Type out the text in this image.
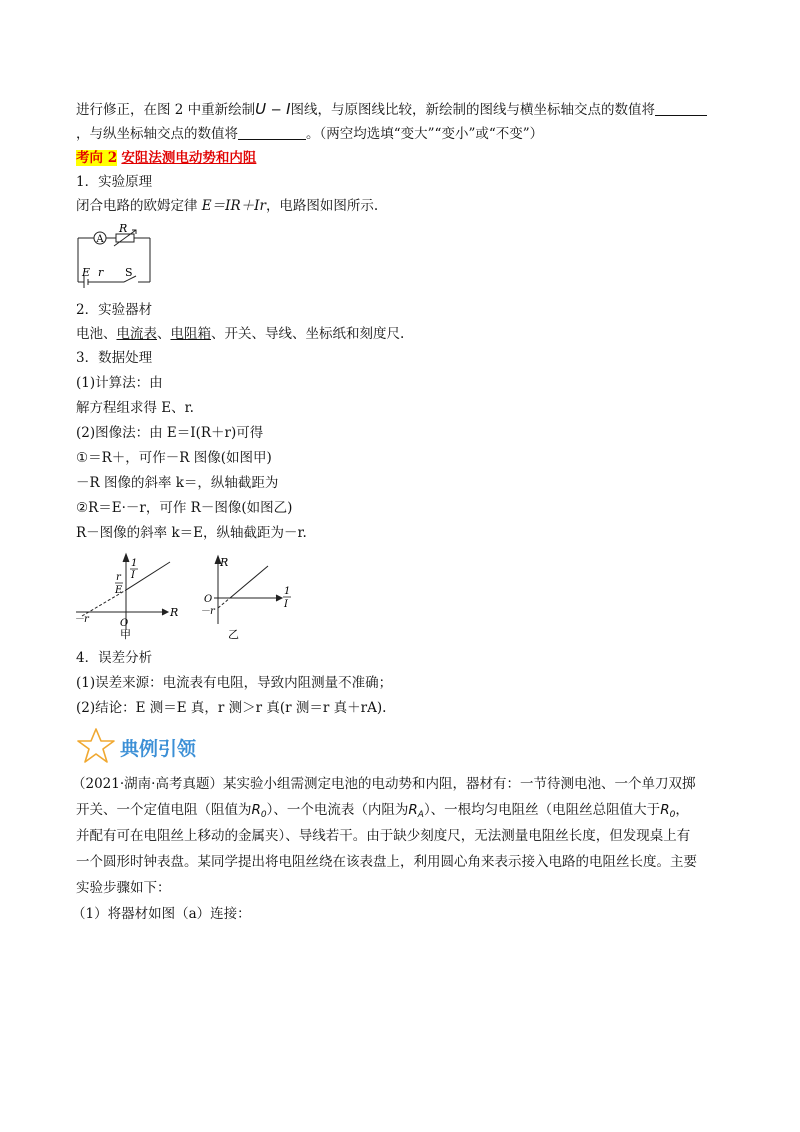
进行修正，在图 2 中重新绘制U − I图线，与原图线比较，新绘制的图线与横坐标轴交点的数值将
，与纵坐标轴交点的数值将	。（两空均选填“变大”“变小”或“不变”）
考向 2 安阻法测电动势和内阻
1．实验原理
闭合电路的欧姆定律 E＝IR＋Ir，电路图如图所示.
A
R
E r S
2．实验器材
电池、电流表、电阻箱、开关、导线、坐标纸和刻度尺.
3．数据处理
(1)计算法：由
解方程组求得 E、r.
(2)图像法：由 E＝I(R＋r)可得
①＝R＋，可作－R 图像(如图甲)
－R 图像的斜率 k＝，纵轴截距为
②R＝E·－r，可作 R－图像(如图乙)
R－图像的斜率 k＝E，纵轴截距为－r.
1
I
r
E
R
O
－r
甲
R
1
I
O
－r
乙
4．误差分析
(1)误差来源：电流表有电阻，导致内阻测量不准确；
(2)结论：E 测＝E 真，r 测＞r 真(r 测＝r 真＋rA).
典例引领
（2021·湖南·高考真题）某实验小组需测定电池的电动势和内阻，器材有：一节待测电池、一个单刀双掷
开关、一个定值电阻（阻值为$R_0$）、一个电流表（内阻为$R_A$）、一根均匀电阻丝（电阻丝总阻值大于$R_0$，
并配有可在电阻丝上移动的金属夹）、导线若干。由于缺少刻度尺，无法测量电阻丝长度，但发现桌上有
一个圆形时钟表盘。某同学提出将电阻丝绕在该表盘上，利用圆心角来表示接入电路的电阻丝长度。主要
实验步骤如下：
（1）将器材如图（a）连接：
